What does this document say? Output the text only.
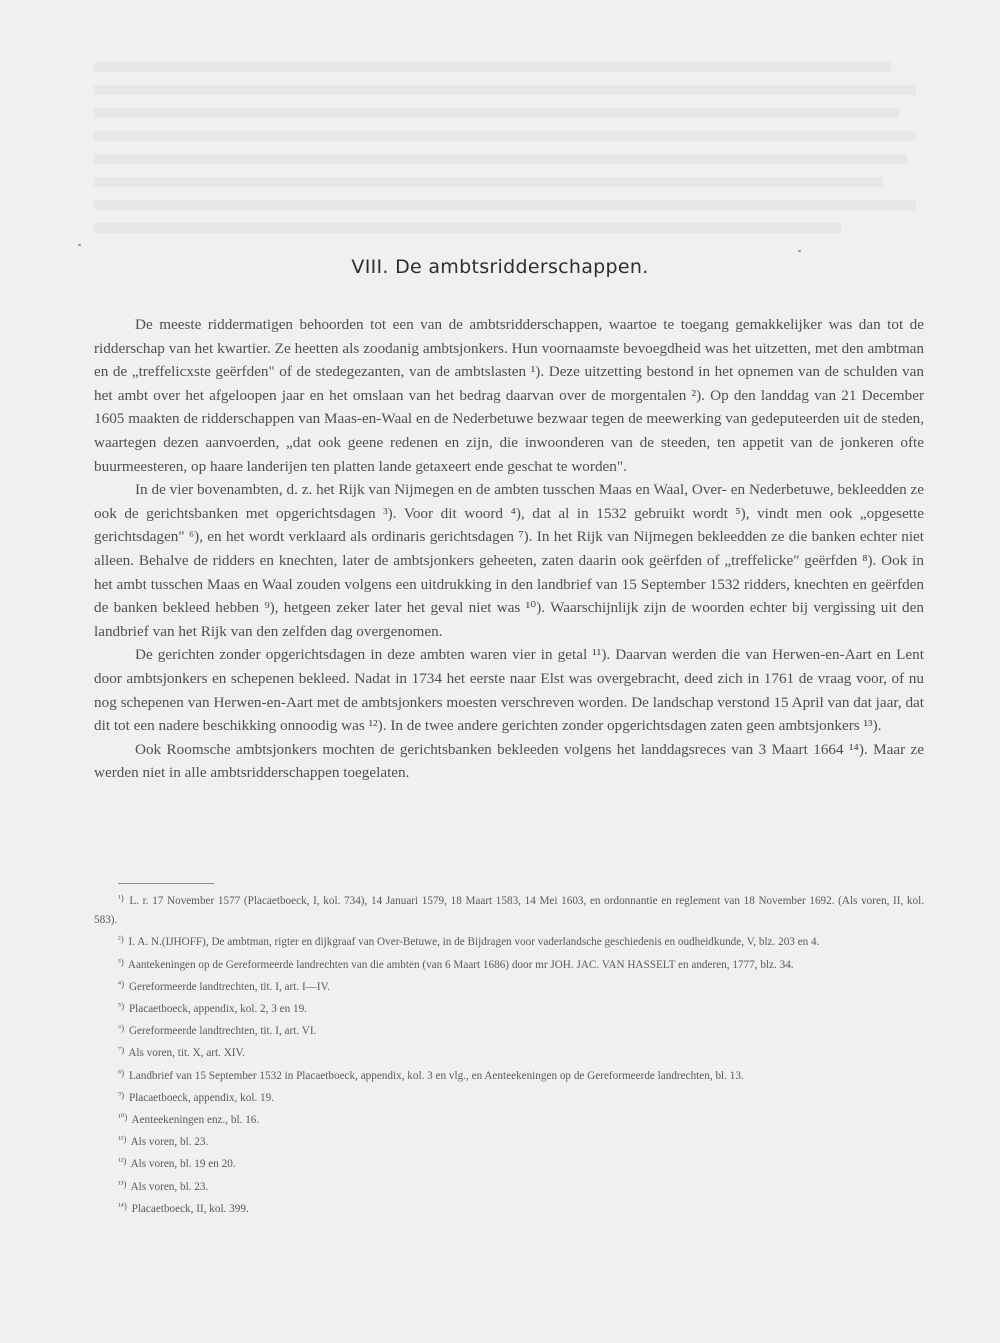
VIII. De ambtsridderschappen.

De meeste riddermatigen behoorden tot een van de ambtsridderschappen, waartoe te toegang gemakkelijker was dan tot de ridderschap van het kwartier. Ze heetten als zoodanig ambtsjonkers. Hun voornaamste bevoegdheid was het uitzetten, met den ambtman en de „treffelicxste geërfden" of de stedegezanten, van de ambtslasten ¹). Deze uitzetting bestond in het opnemen van de schulden van het ambt over het afgeloopen jaar en het omslaan van het bedrag daarvan over de morgentalen ²). Op den landdag van 21 December 1605 maakten de ridderschappen van Maas-en-Waal en de Nederbetuwe bezwaar tegen de meewerking van gedeputeerden uit de steden, waartegen dezen aanvoerden, „dat ook geene redenen en zijn, die inwoonderen van de steeden, ten appetit van de jonkeren ofte buurmeesteren, op haare landerijen ten platten lande getaxeert ende geschat te worden".

In de vier bovenambten, d. z. het Rijk van Nijmegen en de ambten tusschen Maas en Waal, Over- en Nederbetuwe, bekleedden ze ook de gerichtsbanken met opgerichtsdagen ³). Voor dit woord ⁴), dat al in 1532 gebruikt wordt ⁵), vindt men ook „opgesette gerichtsdagen" ⁶), en het wordt verklaard als ordinaris gerichtsdagen ⁷). In het Rijk van Nijmegen bekleedden ze die banken echter niet alleen. Behalve de ridders en knechten, later de ambtsjonkers geheeten, zaten daarin ook geërfden of „treffelicke" geërfden ⁸). Ook in het ambt tusschen Maas en Waal zouden volgens een uitdrukking in den landbrief van 15 September 1532 ridders, knechten en geërfden de banken bekleed hebben ⁹), hetgeen zeker later het geval niet was ¹⁰). Waarschijnlijk zijn de woorden echter bij vergissing uit den landbrief van het Rijk van den zelfden dag overgenomen.

De gerichten zonder opgerichtsdagen in deze ambten waren vier in getal ¹¹). Daarvan werden die van Herwen-en-Aart en Lent door ambtsjonkers en schepenen bekleed. Nadat in 1734 het eerste naar Elst was overgebracht, deed zich in 1761 de vraag voor, of nu nog schepenen van Herwen-en-Aart met de ambtsjonkers moesten verschreven worden. De landschap verstond 15 April van dat jaar, dat dit tot een nadere beschikking onnoodig was ¹²). In de twee andere gerichten zonder opgerichtsdagen zaten geen ambtsjonkers ¹³).

Ook Roomsche ambtsjonkers mochten de gerichtsbanken bekleeden volgens het landdagsreces van 3 Maart 1664 ¹⁴). Maar ze werden niet in alle ambtsridderschappen toegelaten.

$^{^1)}$ L. r. 17 November 1577 (Placaetboeck, I, kol. 734), 14 Januari 1579, 18 Maart 1583, 14 Mei 1603, en ordonnantie en reglement van 18 November 1692. (Als voren, II, kol. 583).

$^{^2)}$ I. A. N.(IJHOFF), De ambtman, rigter en dijkgraaf van Over-Betuwe, in de Bijdragen voor vaderlandsche geschiedenis en oudheidkunde, V, blz. 203 en 4.

$^{^3)}$ Aantekeningen op de Gereformeerde landrechten van die ambten (van 6 Maart 1686) door mr JOH. JAC. VAN HASSELT en anderen, 1777, blz. 34.

$^{^4)}$ Gereformeerde landtrechten, tit. I, art. I—IV.

$^{^5)}$ Placaetboeck, appendix, kol. 2, 3 en 19.

$^{^6)}$ Gereformeerde landtrechten, tit. I, art. VI.

$^{^7)}$ Als voren, tit. X, art. XIV.

$^{^8)}$ Landbrief van 15 September 1532 in Placaetboeck, appendix, kol. 3 en vlg., en Aenteekeningen op de Gereformeerde landrechten, bl. 13.

$^{^9)}$ Placaetboeck, appendix, kol. 19.

$^{^{10})}$ Aenteekeningen enz., bl. 16.

$^{^{11})}$ Als voren, bl. 23.

$^{^{12})}$ Als voren, bl. 19 en 20.

$^{^{13})}$ Als voren, bl. 23.

$^{^{14})}$ Placaetboeck, II, kol. 399.
